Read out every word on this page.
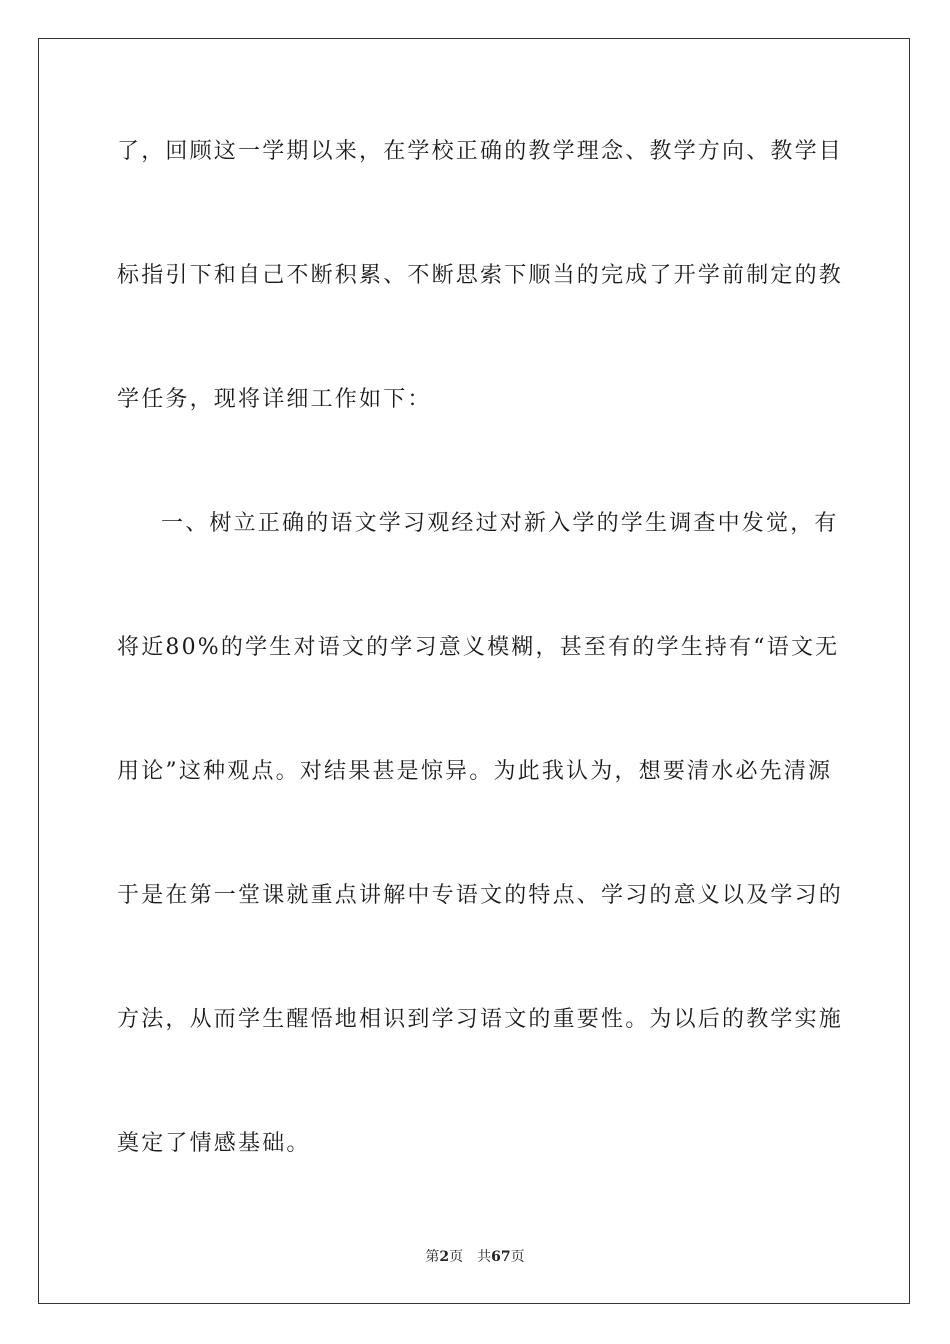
了，回顾这一学期以来，在学校正确的教学理念、教学方向、教学目
标指引下和自己不断积累、不断思索下顺当的完成了开学前制定的教
学任务，现将详细工作如下：
一、树立正确的语文学习观经过对新入学的学生调查中发觉，有
将近80%的学生对语文的学习意义模糊，甚至有的学生持有“语文无
用论”这种观点。对结果甚是惊异。为此我认为，想要清水必先清源
于是在第一堂课就重点讲解中专语文的特点、学习的意义以及学习的
方法，从而学生醒悟地相识到学习语文的重要性。为以后的教学实施
奠定了情感基础。
第2页 共67页
